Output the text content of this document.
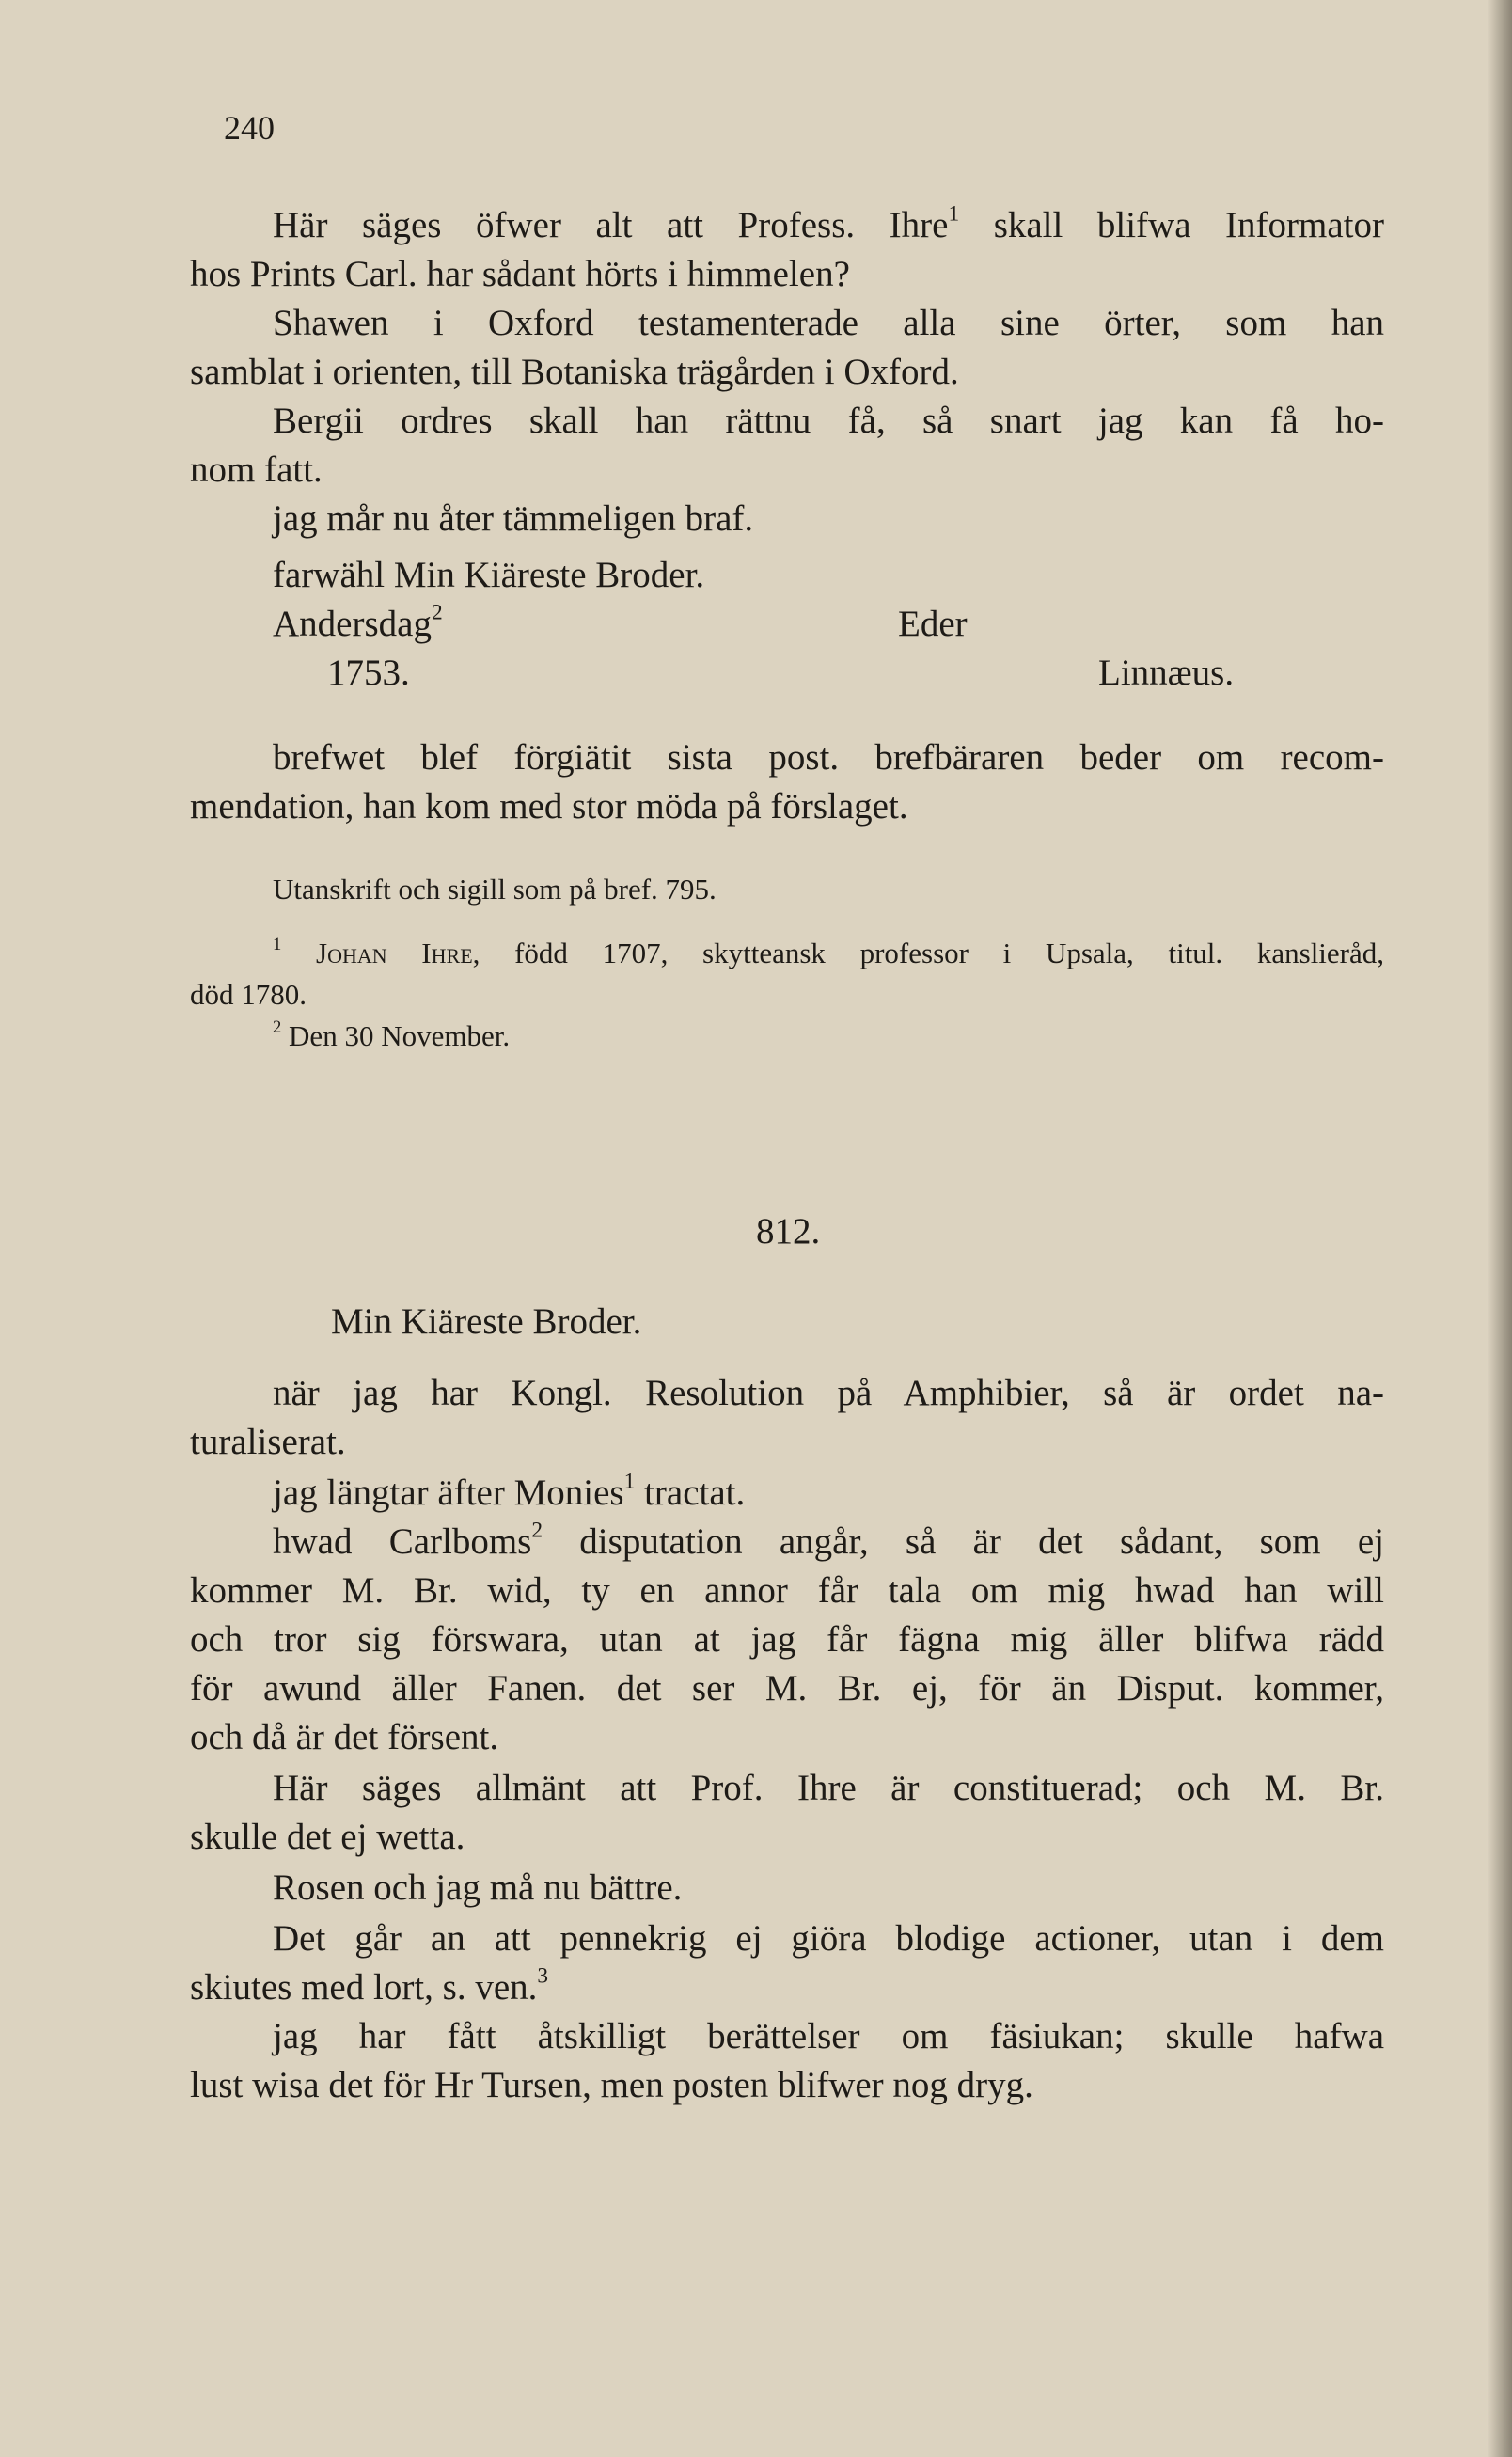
240
Här säges öfwer alt att Profess. Ihre$^1$ skall blifwa Informator
hos Prints Carl. har sådant hörts i himmelen?
Shawen i Oxford testamenterade alla sine örter, som han
samblat i orienten, till Botaniska trägården i Oxford.
Bergii ordres skall han rättnu få, så snart jag kan få ho-
nom fatt.
jag mår nu åter tämmeligen braf.
farwähl Min Kiäreste Broder.
Andersdag$^2$	Eder
1753.	Linnæus.
brefwet blef förgiätit sista post. brefbäraren beder om recom-
mendation, han kom med stor möda på förslaget.
Utanskrift och sigill som på bref. 795.
$^1$ Johan Ihre, född 1707, skytteansk professor i Upsala, titul. kanslieråd,
död 1780.
$^2$ Den 30 November.
812.
Min Kiäreste Broder.
när jag har Kongl. Resolution på Amphibier, så är ordet na-
turaliserat.
jag längtar äfter Monies$^1$ tractat.
hwad Carlboms$^2$ disputation angår, så är det sådant, som ej
kommer M. Br. wid, ty en annor får tala om mig hwad han will
och tror sig förswara, utan at jag får fägna mig äller blifwa rädd
för awund äller Fanen. det ser M. Br. ej, för än Disput. kommer,
och då är det försent.
Här säges allmänt att Prof. Ihre är constituerad; och M. Br.
skulle det ej wetta.
Rosen och jag må nu bättre.
Det går an att pennekrig ej giöra blodige actioner, utan i dem
skiutes med lort, s. ven.$^3$
jag har fått åtskilligt berättelser om fäsiukan; skulle hafwa
lust wisa det för Hr Tursen, men posten blifwer nog dryg.
